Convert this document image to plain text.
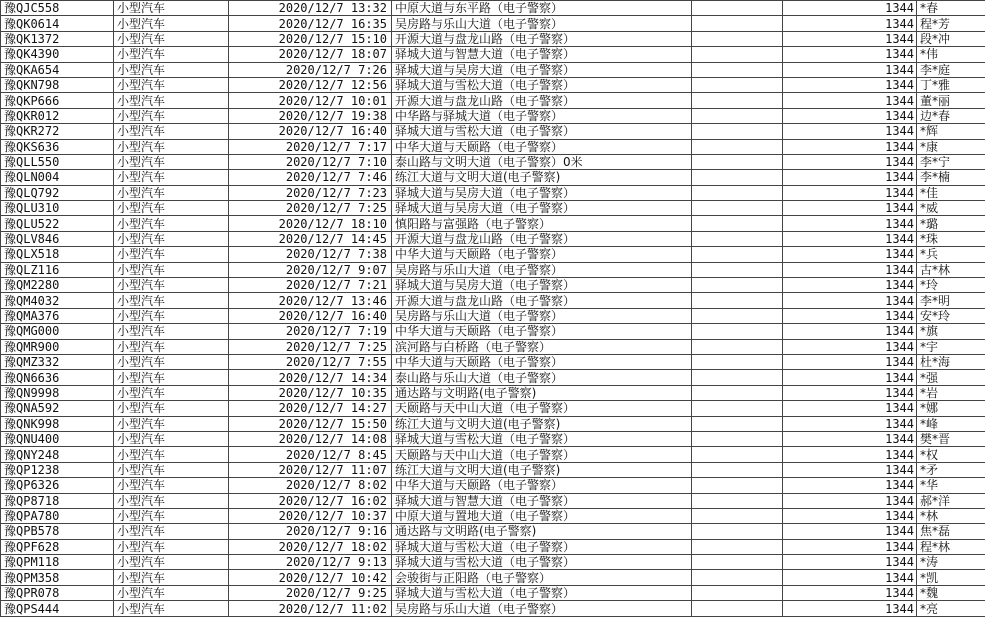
豫QJC558	小型汽车	2020/12/7 13:32	中原大道与东平路（电子警察）		1344	*春
豫QK0614	小型汽车	2020/12/7 16:35	吴房路与乐山大道（电子警察）		1344	程*芳
豫QK1372	小型汽车	2020/12/7 15:10	开源大道与盘龙山路（电子警察）		1344	段*冲
豫QK4390	小型汽车	2020/12/7 18:07	驿城大道与智慧大道（电子警察）		1344	*伟
豫QKA654	小型汽车	2020/12/7 7:26	驿城大道与吴房大道（电子警察）		1344	李*庭
豫QKN798	小型汽车	2020/12/7 12:56	驿城大道与雪松大道（电子警察）		1344	丁*雅
豫QKP666	小型汽车	2020/12/7 10:01	开源大道与盘龙山路（电子警察）		1344	董*丽
豫QKR012	小型汽车	2020/12/7 19:38	中华路与驿城大道（电子警察）		1344	边*春
豫QKR272	小型汽车	2020/12/7 16:40	驿城大道与雪松大道（电子警察）		1344	*辉
豫QKS636	小型汽车	2020/12/7 7:17	中华大道与天颐路（电子警察）		1344	*康
豫QLL550	小型汽车	2020/12/7 7:10	泰山路与文明大道（电子警察）0米		1344	李*宁
豫QLN004	小型汽车	2020/12/7 7:46	练江大道与文明大道(电子警察)		1344	李*楠
豫QLQ792	小型汽车	2020/12/7 7:23	驿城大道与吴房大道（电子警察）		1344	*佳
豫QLU310	小型汽车	2020/12/7 7:25	驿城大道与吴房大道（电子警察）		1344	*威
豫QLU522	小型汽车	2020/12/7 18:10	慎阳路与富强路（电子警察）		1344	*璐
豫QLV846	小型汽车	2020/12/7 14:45	开源大道与盘龙山路（电子警察）		1344	*珠
豫QLX518	小型汽车	2020/12/7 7:38	中华大道与天颐路（电子警察）		1344	*兵
豫QLZ116	小型汽车	2020/12/7 9:07	吴房路与乐山大道（电子警察）		1344	古*林
豫QM2280	小型汽车	2020/12/7 7:21	驿城大道与吴房大道（电子警察）		1344	*玲
豫QM4032	小型汽车	2020/12/7 13:46	开源大道与盘龙山路（电子警察）		1344	李*明
豫QMA376	小型汽车	2020/12/7 16:40	吴房路与乐山大道（电子警察）		1344	安*玲
豫QMG000	小型汽车	2020/12/7 7:19	中华大道与天颐路（电子警察）		1344	*旗
豫QMR900	小型汽车	2020/12/7 7:25	滨河路与白桥路（电子警察）		1344	*宇
豫QMZ332	小型汽车	2020/12/7 7:55	中华大道与天颐路（电子警察）		1344	杜*海
豫QN6636	小型汽车	2020/12/7 14:34	泰山路与乐山大道（电子警察）		1344	*强
豫QN9998	小型汽车	2020/12/7 10:35	通达路与文明路(电子警察)		1344	*岩
豫QNA592	小型汽车	2020/12/7 14:27	天颐路与天中山大道（电子警察）		1344	*娜
豫QNK998	小型汽车	2020/12/7 15:50	练江大道与文明大道(电子警察)		1344	*峰
豫QNU400	小型汽车	2020/12/7 14:08	驿城大道与雪松大道（电子警察）		1344	樊*晋
豫QNY248	小型汽车	2020/12/7 8:45	天颐路与天中山大道（电子警察）		1344	*权
豫QP1238	小型汽车	2020/12/7 11:07	练江大道与文明大道(电子警察)		1344	*矛
豫QP6326	小型汽车	2020/12/7 8:02	中华大道与天颐路（电子警察）		1344	*华
豫QP8718	小型汽车	2020/12/7 16:02	驿城大道与智慧大道（电子警察）		1344	郝*洋
豫QPA780	小型汽车	2020/12/7 10:37	中原大道与置地大道（电子警察）		1344	*林
豫QPB578	小型汽车	2020/12/7 9:16	通达路与文明路(电子警察)		1344	焦*磊
豫QPF628	小型汽车	2020/12/7 18:02	驿城大道与雪松大道（电子警察）		1344	程*林
豫QPM118	小型汽车	2020/12/7 9:13	驿城大道与雪松大道（电子警察）		1344	*涛
豫QPM358	小型汽车	2020/12/7 10:42	会骏街与正阳路（电子警察）		1344	*凯
豫QPR078	小型汽车	2020/12/7 9:25	驿城大道与雪松大道（电子警察）		1344	*魏
豫QPS444	小型汽车	2020/12/7 11:02	吴房路与乐山大道（电子警察）		1344	*亮
